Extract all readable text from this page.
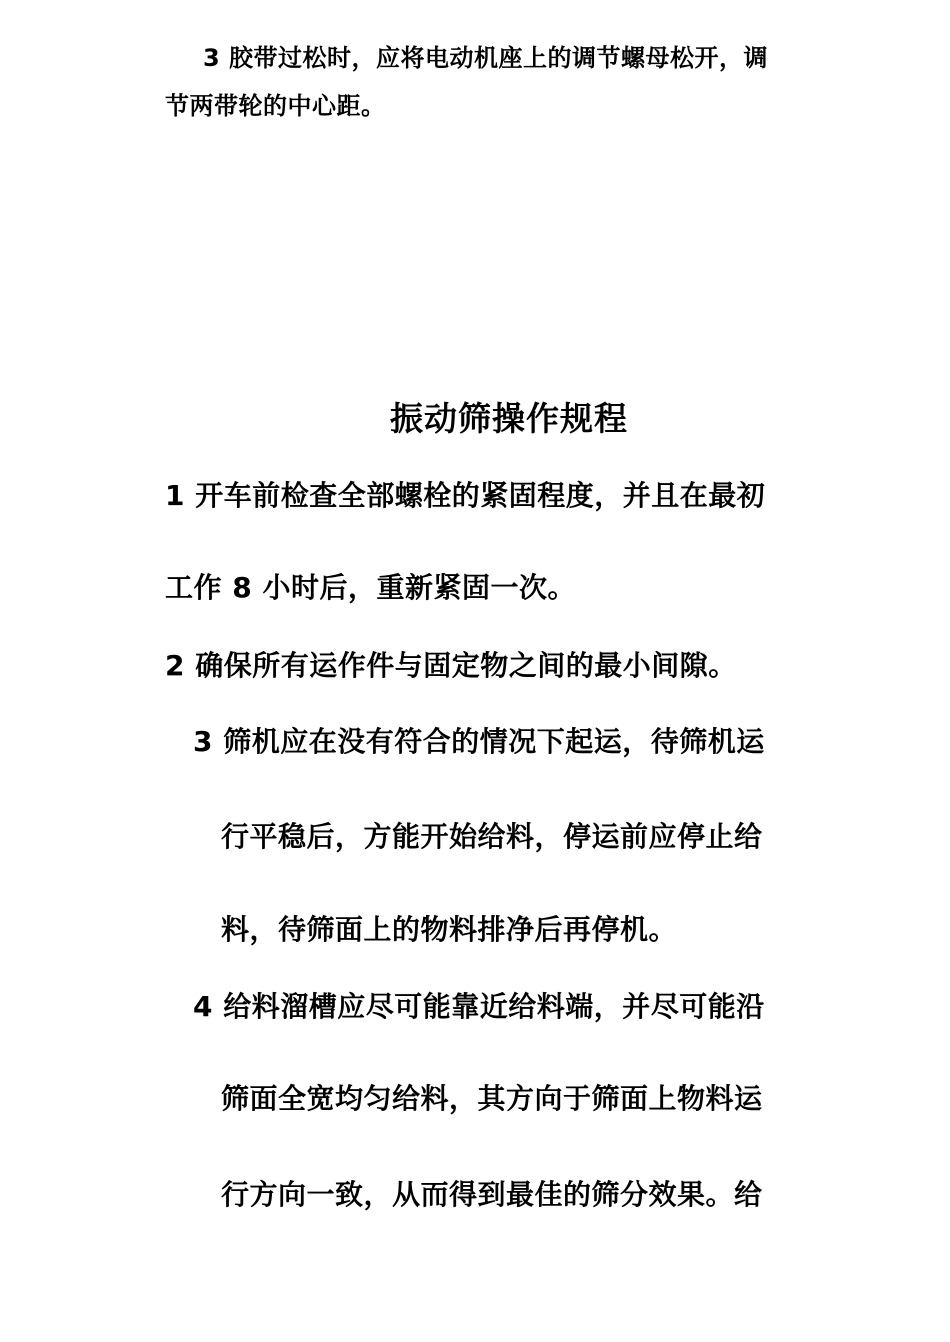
3 胶带过松时，应将电动机座上的调节螺母松开，调
节两带轮的中心距。
振动筛操作规程
1 开车前检查全部螺栓的紧固程度，并且在最初
工作 8 小时后，重新紧固一次。
2 确保所有运作件与固定物之间的最小间隙。
3 筛机应在没有符合的情况下起运，待筛机运
行平稳后，方能开始给料，停运前应停止给
料，待筛面上的物料排净后再停机。
4 给料溜槽应尽可能靠近给料端，并尽可能沿
筛面全宽均匀给料，其方向于筛面上物料运
行方向一致，从而得到最佳的筛分效果。给
